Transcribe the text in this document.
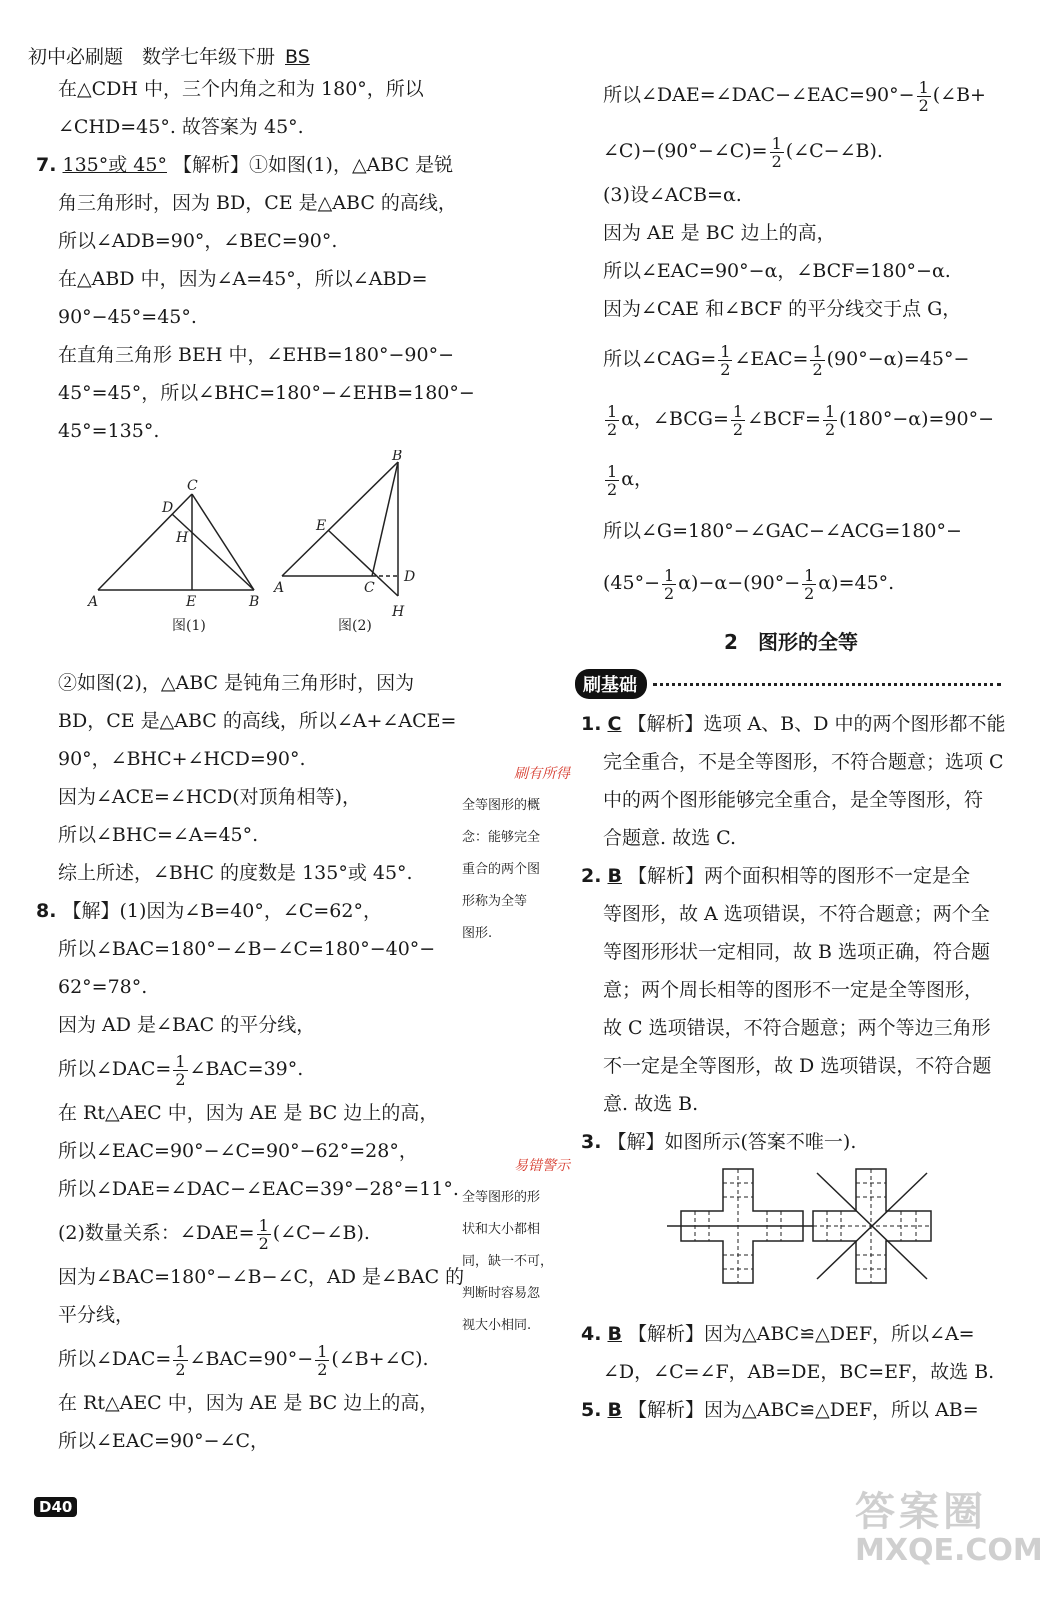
初中必刷题　数学七年级下册 BS
在△CDH 中，三个内角之和为 180°，所以
∠CHD=45°. 故答案为 45°.
7. 135°或 45° 【解析】①如图(1)，△ABC 是锐
角三角形时，因为 BD，CE 是△ABC 的高线，
所以∠ADB=90°，∠BEC=90°.
在△ABD 中，因为∠A=45°，所以∠ABD=
90°−45°=45°.
在直角三角形 BEH 中，∠EHB=180°−90°−
45°=45°，所以∠BHC=180°−∠EHB=180°−
45°=135°.
A	B
C
D
E
H
图(1)
A
B
C
D
E
H
图(2)
②如图(2)，△ABC 是钝角三角形时，因为
BD，CE 是△ABC 的高线，所以∠A+∠ACE=
90°，∠BHC+∠HCD=90°.
因为∠ACE=∠HCD(对顶角相等)，
所以∠BHC=∠A=45°.
综上所述，∠BHC 的度数是 135°或 45°.
8. 【解】(1)因为∠B=40°，∠C=62°，
所以∠BAC=180°−∠B−∠C=180°−40°−
62°=78°.
因为 AD 是∠BAC 的平分线，
所以∠DAC= $\frac{1}{2}$ ∠BAC=39°.
在 Rt△AEC 中，因为 AE 是 BC 边上的高，
所以∠EAC=90°−∠C=90°−62°=28°，
所以∠DAE=∠DAC−∠EAC=39°−28°=11°.
(2)数量关系：∠DAE= $\frac{1}{2}$ (∠C−∠B).
因为∠BAC=180°−∠B−∠C，AD 是∠BAC 的
平分线，
所以∠DAC= $\frac{1}{2}$ ∠BAC=90°− $\frac{1}{2}$ (∠B+∠C).
在 Rt△AEC 中，因为 AE 是 BC 边上的高，
所以∠EAC=90°−∠C，
刷有所得
全等图形的概
念：能够完全
重合的两个图
形称为全等
图形.
易错警示
全等图形的形
状和大小都相
同，缺一不可，
判断时容易忽
视大小相同.
所以∠DAE=∠DAC−∠EAC=90°− $\frac{1}{2}$ (∠B+
∠C)−(90°−∠C)= $\frac{1}{2}$ (∠C−∠B).
(3)设∠ACB=α.
因为 AE 是 BC 边上的高，
所以∠EAC=90°−α，∠BCF=180°−α.
因为∠CAE 和∠BCF 的平分线交于点 G，
所以∠CAG= $\frac{1}{2}$ ∠EAC= $\frac{1}{2} (90^\circ-\alpha)=45^\circ-$
$\frac{1}{2}$ α，∠BCG= $\frac{1}{2}$ ∠BCF= $\frac{1}{2} (180^\circ-\alpha)=90^\circ-$
$\frac{1}{2}$ α，
所以∠G=180°−∠GAC−∠ACG=180°−
$(45^\circ- \frac{1}{2} \alpha)-\alpha-(90^\circ- \frac{1}{2} \alpha)=45^\circ$.
2　图形的全等
刷基础
1. C 【解析】选项 A、B、D 中的两个图形都不能
完全重合，不是全等图形，不符合题意；选项 C
中的两个图形能够完全重合，是全等图形，符
合题意. 故选 C.
2. B 【解析】两个面积相等的图形不一定是全
等图形，故 A 选项错误，不符合题意；两个全
等图形形状一定相同，故 B 选项正确，符合题
意；两个周长相等的图形不一定是全等图形，
故 C 选项错误，不符合题意；两个等边三角形
不一定是全等图形，故 D 选项错误，不符合题
意. 故选 B.
3. 【解】如图所示(答案不唯一).
4. B 【解析】因为△ABC≌△DEF，所以∠A=
∠D，∠C=∠F，AB=DE，BC=EF，故选 B.
5. B 【解析】因为△ABC≌△DEF，所以 AB=
D40	答案圈
MXQE.COM
